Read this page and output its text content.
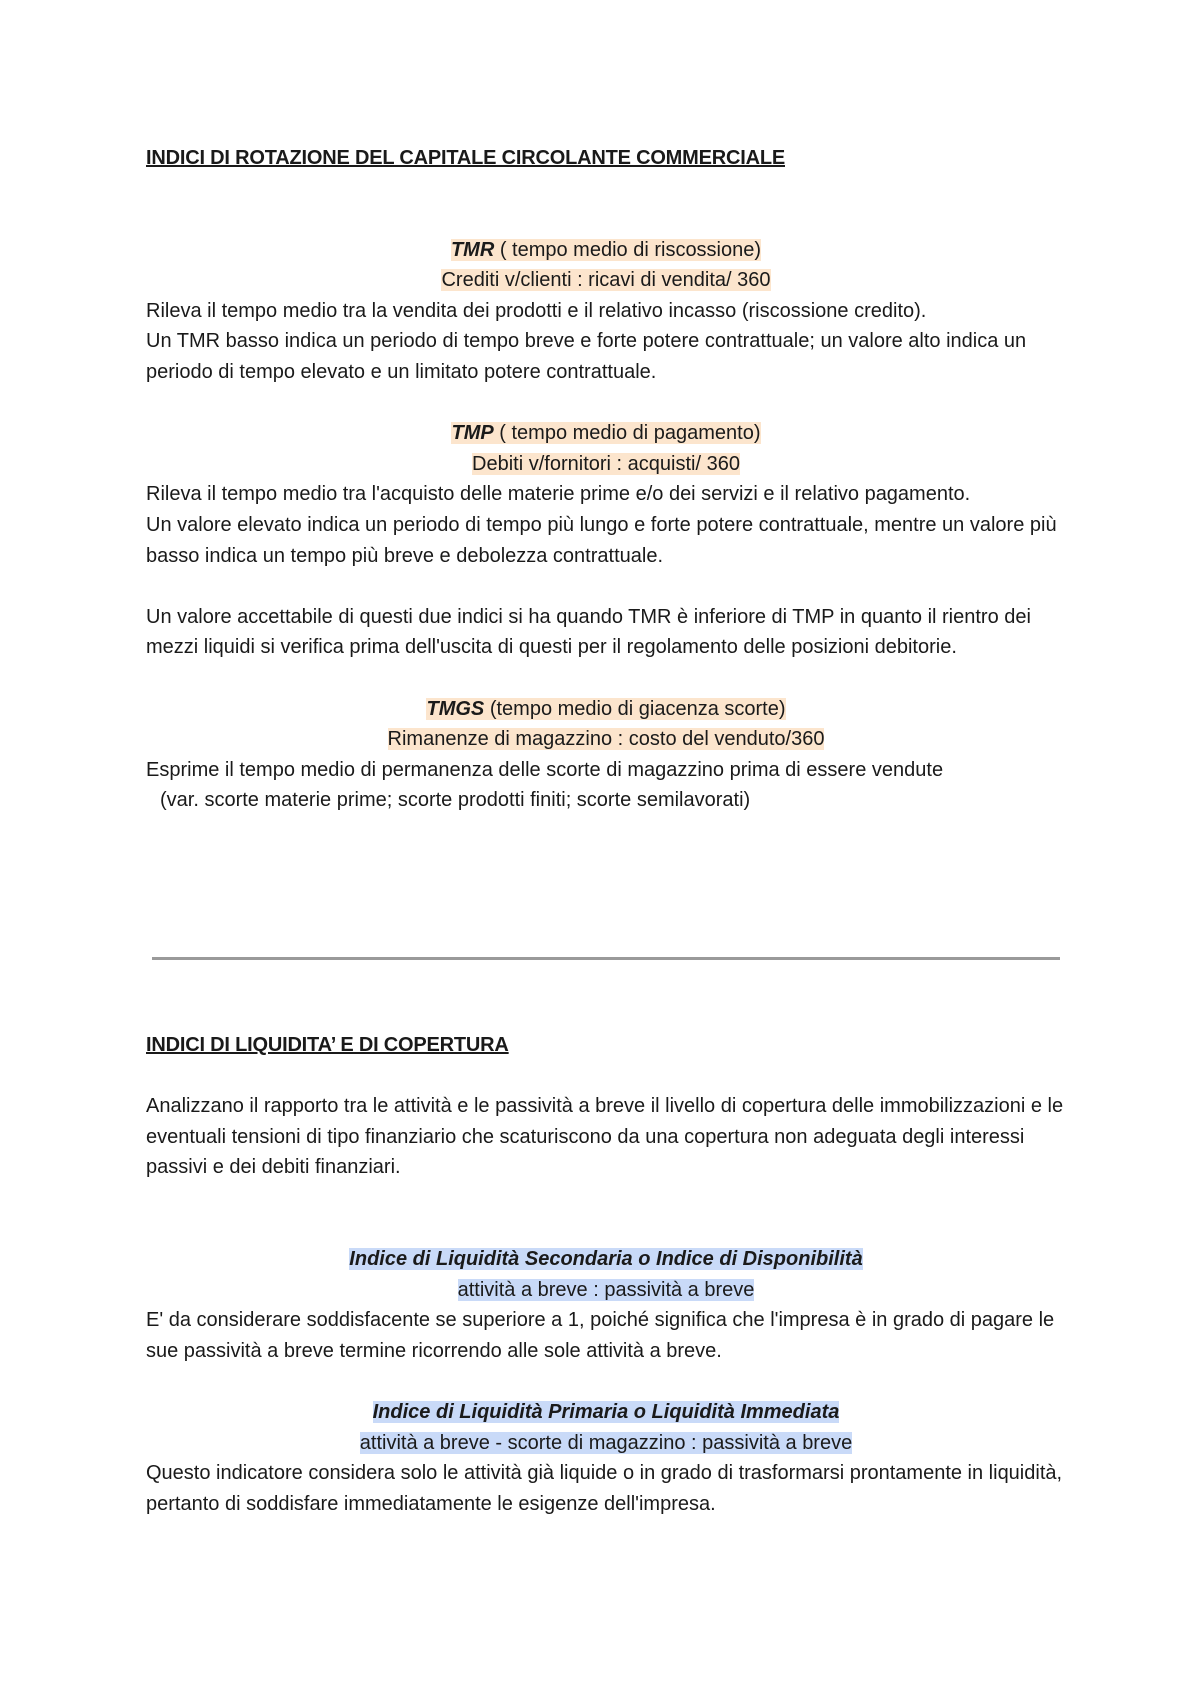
INDICI DI ROTAZIONE DEL CAPITALE CIRCOLANTE COMMERCIALE

TMR ( tempo medio di riscossione)

Crediti v/clienti : ricavi di vendita/ 360

Rileva il tempo medio tra la vendita dei prodotti e il relativo incasso (riscossione credito).

Un TMR basso indica un periodo di tempo breve e forte potere contrattuale; un valore alto indica un periodo di tempo elevato e un limitato potere contrattuale.

TMP ( tempo medio di pagamento)

Debiti v/fornitori : acquisti/ 360

Rileva il tempo medio tra l'acquisto delle materie prime e/o dei servizi e il relativo pagamento.

Un valore elevato indica un periodo di tempo più lungo e forte potere contrattuale, mentre un valore più basso indica un tempo più breve e debolezza contrattuale.

Un valore accettabile di questi due indici si ha quando TMR è inferiore di TMP in quanto il rientro dei mezzi liquidi si verifica prima dell'uscita di questi per il regolamento delle posizioni debitorie.

TMGS (tempo medio di giacenza scorte)

Rimanenze di magazzino : costo del venduto/360

Esprime il tempo medio di permanenza delle scorte di magazzino prima di essere vendute

(var. scorte materie prime; scorte prodotti finiti; scorte semilavorati)

INDICI DI LIQUIDITA’ E DI COPERTURA

Analizzano il rapporto tra le attività e le passività a breve il livello di copertura delle immobilizzazioni e le eventuali tensioni di tipo finanziario che scaturiscono da una copertura non adeguata degli interessi passivi e dei debiti finanziari.

Indice di Liquidità Secondaria o Indice di Disponibilità

attività a breve : passività a breve

E' da considerare soddisfacente se superiore a 1, poiché significa che l'impresa è in grado di pagare le sue passività a breve termine ricorrendo alle sole attività a breve.

Indice di Liquidità Primaria o Liquidità Immediata

attività a breve - scorte di magazzino : passività a breve

Questo indicatore considera solo le attività già liquide o in grado di trasformarsi prontamente in liquidità, pertanto di soddisfare immediatamente le esigenze dell'impresa.
